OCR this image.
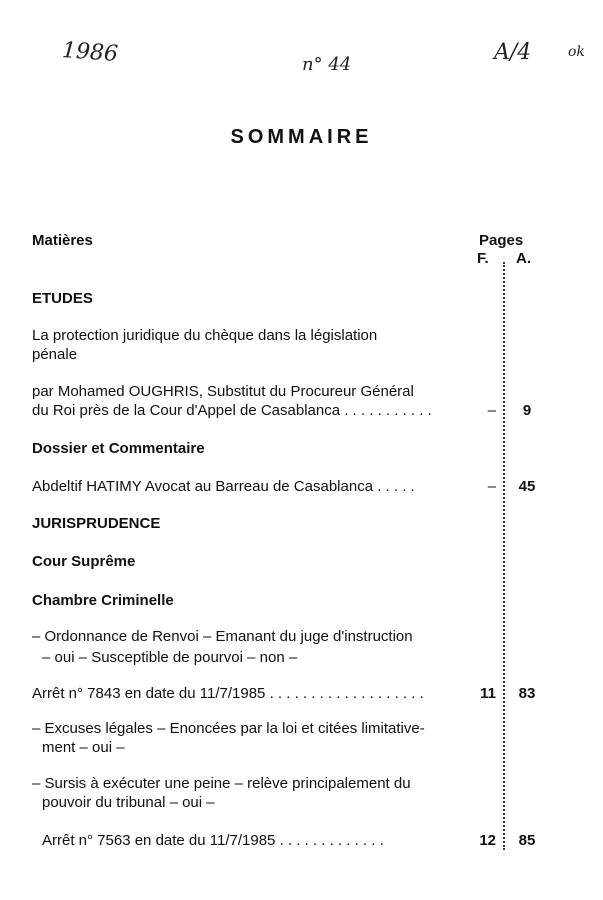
1986	n° 44	A/4	ok
SOMMAIRE
Matières	Pages
F. A.
ETUDES
La protection juridique du chèque dans la législation
pénale
par Mohamed OUGHRIS, Substitut du Procureur Général
du Roi près de la Cour d'Appel de Casablanca . . . . . . . . . . .	–	9
Dossier et Commentaire
Abdeltif HATIMY Avocat au Barreau de Casablanca . . . . .	–	45
JURISPRUDENCE
Cour Suprême
Chambre Criminelle
– Ordonnance de Renvoi – Emanant du juge d'instruction
– oui – Susceptible de pourvoi – non –
Arrêt n° 7843 en date du 11/7/1985 . . . . . . . . . . . . . . . . . . .	11	83
– Excuses légales – Enoncées par la loi et citées limitative-
ment – oui –
– Sursis à exécuter une peine – relève principalement du
pouvoir du tribunal – oui –
Arrêt n° 7563 en date du 11/7/1985 . . . . . . . . . . . . .	12	85
